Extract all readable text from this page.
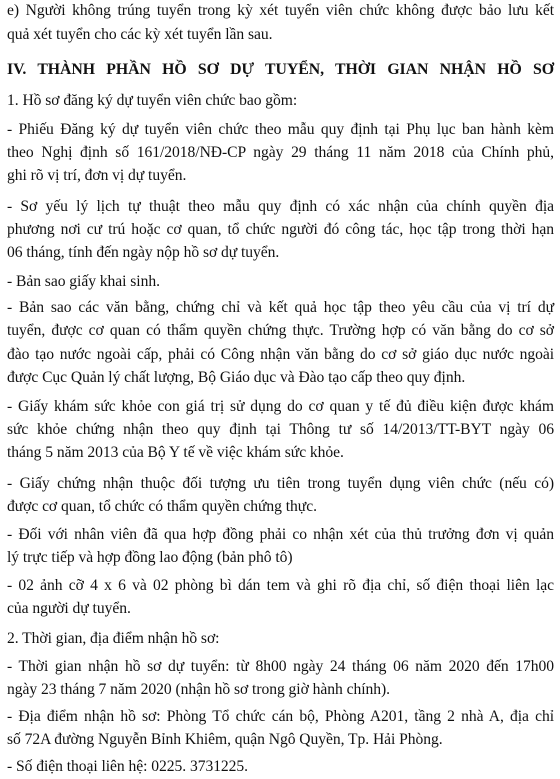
e) Người không trúng tuyển trong kỳ xét tuyển viên chức không được bảo lưu kết
quả xét tuyển cho các kỳ xét tuyển lần sau.
IV. THÀNH PHẦN HỒ SƠ DỰ TUYỂN, THỜI GIAN NHẬN HỒ SƠ
1. Hồ sơ đăng ký dự tuyển viên chức bao gồm:
- Phiếu Đăng ký dự tuyển viên chức theo mẫu quy định tại Phụ lục ban hành kèm
theo Nghị định số 161/2018/NĐ-CP ngày 29 tháng 11 năm 2018 của Chính phủ,
ghi rõ vị trí, đơn vị dự tuyển.
- Sơ yếu lý lịch tự thuật theo mẫu quy định có xác nhận của chính quyền địa
phương nơi cư trú hoặc cơ quan, tổ chức người đó công tác, học tập trong thời hạn
06 tháng, tính đến ngày nộp hồ sơ dự tuyển.
- Bản sao giấy khai sinh.
- Bản sao các văn bằng, chứng chỉ và kết quả học tập theo yêu cầu của vị trí dự
tuyển, được cơ quan có thẩm quyền chứng thực. Trường hợp có văn bằng do cơ sở
đào tạo nước ngoài cấp, phải có Công nhận văn bằng do cơ sở giáo dục nước ngoài
được Cục Quản lý chất lượng, Bộ Giáo dục và Đào tạo cấp theo quy định.
- Giấy khám sức khỏe con giá trị sử dụng do cơ quan y tế đủ điều kiện được khám
sức khỏe chứng nhận theo quy định tại Thông tư số 14/2013/TT-BYT ngày 06
tháng 5 năm 2013 của Bộ Y tế về việc khám sức khỏe.
- Giấy chứng nhận thuộc đối tượng ưu tiên trong tuyển dụng viên chức (nếu có)
được cơ quan, tổ chức có thẩm quyền chứng thực.
- Đối với nhân viên đã qua hợp đồng phải co nhận xét của thủ trưởng đơn vị quản
lý trực tiếp và hợp đồng lao động (bản phô tô)
- 02 ảnh cỡ 4 x 6 và 02 phòng bì dán tem và ghi rõ địa chỉ, số điện thoại liên lạc
của người dự tuyển.
2. Thời gian, địa điểm nhận hồ sơ:
- Thời gian nhận hồ sơ dự tuyển: từ 8h00 ngày 24 tháng 06 năm 2020 đến 17h00
ngày 23 tháng 7 năm 2020 (nhận hồ sơ trong giờ hành chính).
- Địa điểm nhận hồ sơ: Phòng Tổ chức cán bộ, Phòng A201, tầng 2 nhà A, địa chỉ
số 72A đường Nguyễn Bỉnh Khiêm, quận Ngô Quyền, Tp. Hải Phòng.
- Số điện thoại liên hệ: 0225. 3731225.
